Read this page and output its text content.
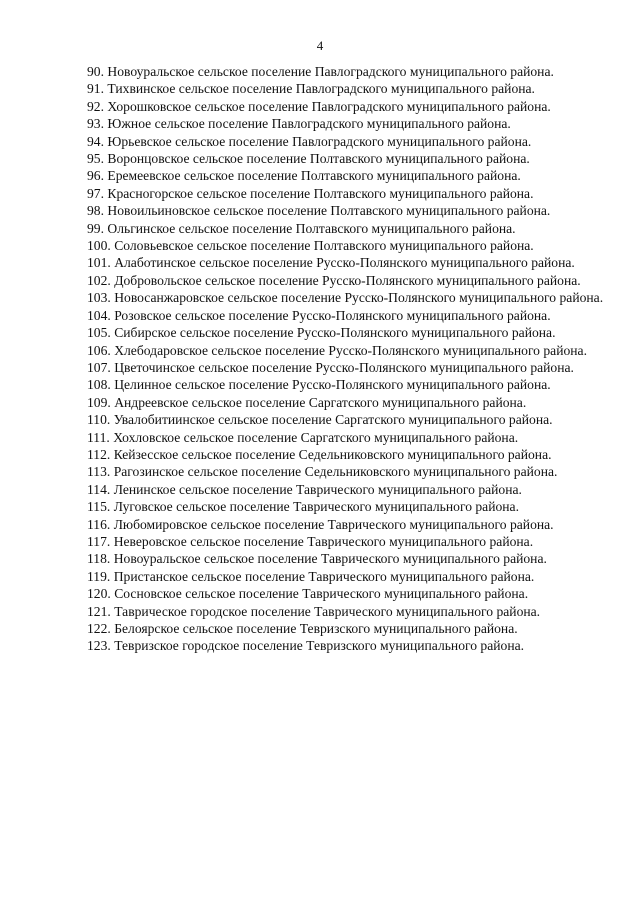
4

90. Новоуральское сельское поселение Павлоградского муниципального района.

91. Тихвинское сельское поселение Павлоградского муниципального района.

92. Хорошковское сельское поселение Павлоградского муниципального района.

93. Южное сельское поселение Павлоградского муниципального района.

94. Юрьевское сельское поселение Павлоградского муниципального района.

95. Воронцовское сельское поселение Полтавского муниципального района.

96. Еремеевское сельское поселение Полтавского муниципального района.

97. Красногорское сельское поселение Полтавского муниципального района.

98. Новоильиновское сельское поселение Полтавского муниципального района.

99. Ольгинское сельское поселение Полтавского муниципального района.

100. Соловьевское сельское поселение Полтавского муниципального района.

101. Алаботинское сельское поселение Русско-Полянского муниципального района.

102. Добровольское сельское поселение Русско-Полянского муниципального района.

103. Новосанжаровское сельское поселение Русско-Полянского муниципального района.

104. Розовское сельское поселение Русско-Полянского муниципального района.

105. Сибирское сельское поселение Русско-Полянского муниципального района.

106. Хлебодаровское сельское поселение Русско-Полянского муниципального района.

107. Цветочинское сельское поселение Русско-Полянского муниципального района.

108. Целинное сельское поселение Русско-Полянского муниципального района.

109. Андреевское сельское поселение Саргатского муниципального района.

110. Увалобитиинское сельское поселение Саргатского муниципального района.

111. Хохловское сельское поселение Саргатского муниципального района.

112. Кейзесское сельское поселение Седельниковского муниципального района.

113. Рагозинское сельское поселение Седельниковского муниципального района.

114. Ленинское сельское поселение Таврического муниципального района.

115. Луговское сельское поселение Таврического муниципального района.

116. Любомировское сельское поселение Таврического муниципального района.

117. Неверовское сельское поселение Таврического муниципального района.

118. Новоуральское сельское поселение Таврического муниципального района.

119. Пристанское сельское поселение Таврического муниципального района.

120. Сосновское сельское поселение Таврического муниципального района.

121. Таврическое городское поселение Таврического муниципального района.

122. Белоярское сельское поселение Тевризского муниципального района.

123. Тевризское городское поселение Тевризского муниципального района.
